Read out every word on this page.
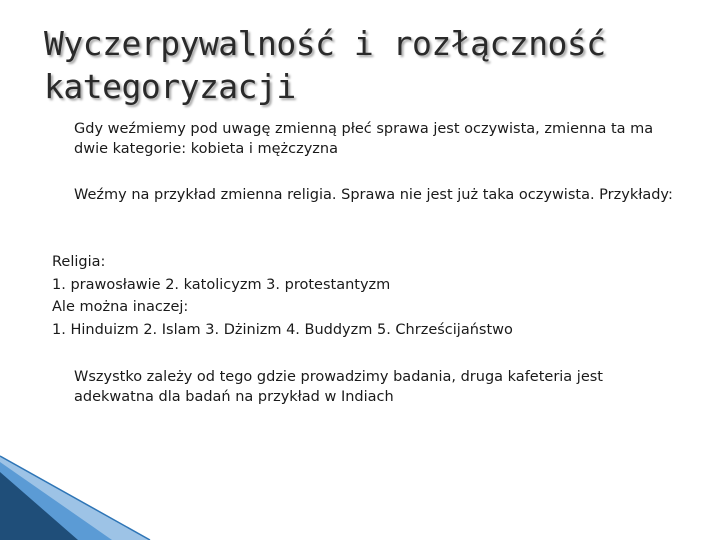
Wyczerpywalność i rozłączność kategoryzacji

Gdy weźmiemy pod uwagę zmienną płeć sprawa jest oczywista, zmienna ta ma dwie kategorie: kobieta i mężczyzna

Weźmy na przykład zmienna religia. Sprawa nie jest już taka oczywista. Przykłady:

Religia:
1. prawosławie 2. katolicyzm 3. protestantyzm
Ale można inaczej:
1. Hinduizm 2. Islam 3. Dżinizm 4. Buddyzm 5. Chrześcijaństwo

Wszystko zależy od tego gdzie prowadzimy badania, druga kafeteria jest adekwatna dla badań na przykład w Indiach
